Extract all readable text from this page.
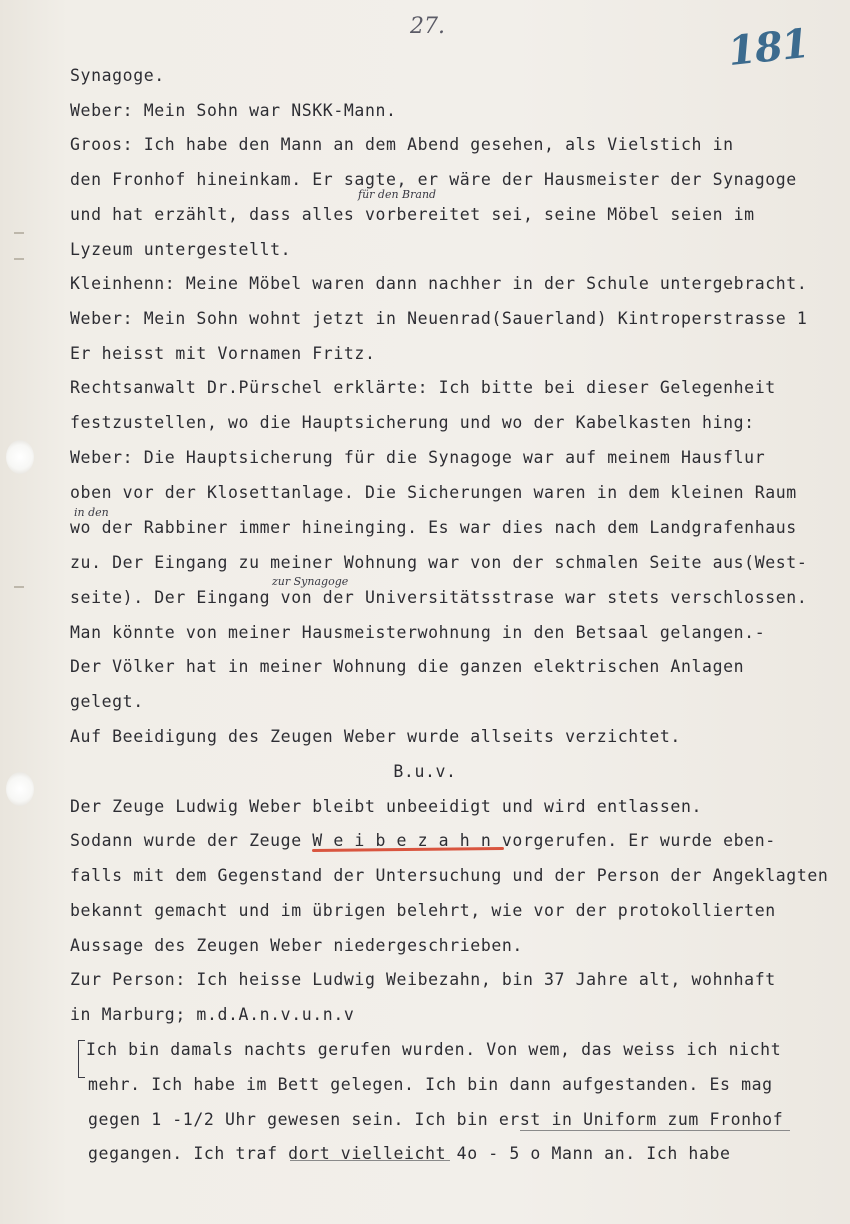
27.	181
für den Brand
in den
zur Synagoge

Synagoge.

Weber: Mein Sohn war NSKK-Mann.

Groos: Ich habe den Mann an dem Abend gesehen, als Vielstich in

den Fronhof hineinkam. Er sagte, er wäre der Hausmeister der Synagoge

und hat erzählt, dass alles vorbereitet sei, seine Möbel seien im

Lyzeum untergestellt.

Kleinhenn: Meine Möbel waren dann nachher in der Schule untergebracht.

Weber: Mein Sohn wohnt jetzt in Neuenrad(Sauerland) Kintroperstrasse 1

Er heisst mit Vornamen Fritz.

Rechtsanwalt Dr.Pürschel erklärte: Ich bitte bei dieser Gelegenheit

festzustellen, wo die Hauptsicherung und wo der Kabelkasten hing:

Weber: Die Hauptsicherung für die Synagoge war auf meinem Hausflur

oben vor der Klosettanlage. Die Sicherungen waren in dem kleinen Raum

wo der Rabbiner immer hineinging. Es war dies nach dem Landgrafenhaus

zu. Der Eingang zu meiner Wohnung war von der schmalen Seite aus(West-

seite). Der Eingang von der Universitätsstrase war stets verschlossen.

Man könnte von meiner Hausmeisterwohnung in den Betsaal gelangen.-

Der Völker hat in meiner Wohnung die ganzen elektrischen Anlagen

gelegt.

Auf Beeidigung des Zeugen Weber wurde allseits verzichtet.

B.u.v.

Der Zeuge Ludwig Weber bleibt unbeeidigt und wird entlassen.

Sodann wurde der Zeuge W e i b e z a h n vorgerufen. Er wurde eben-

falls mit dem Gegenstand der Untersuchung und der Person der Angeklagten

bekannt gemacht und im übrigen belehrt, wie vor der protokollierten

Aussage des Zeugen Weber niedergeschrieben.

Zur Person: Ich heisse Ludwig Weibezahn, bin 37 Jahre alt, wohnhaft

in Marburg; m.d.A.n.v.u.n.v

Ich bin damals nachts gerufen wurden. Von wem, das weiss ich nicht

mehr. Ich habe im Bett gelegen. Ich bin dann aufgestanden. Es mag

gegen 1 -1/2 Uhr gewesen sein. Ich bin erst in Uniform zum Fronhof

gegangen. Ich traf dort vielleicht 4o - 5 o Mann an. Ich habe
